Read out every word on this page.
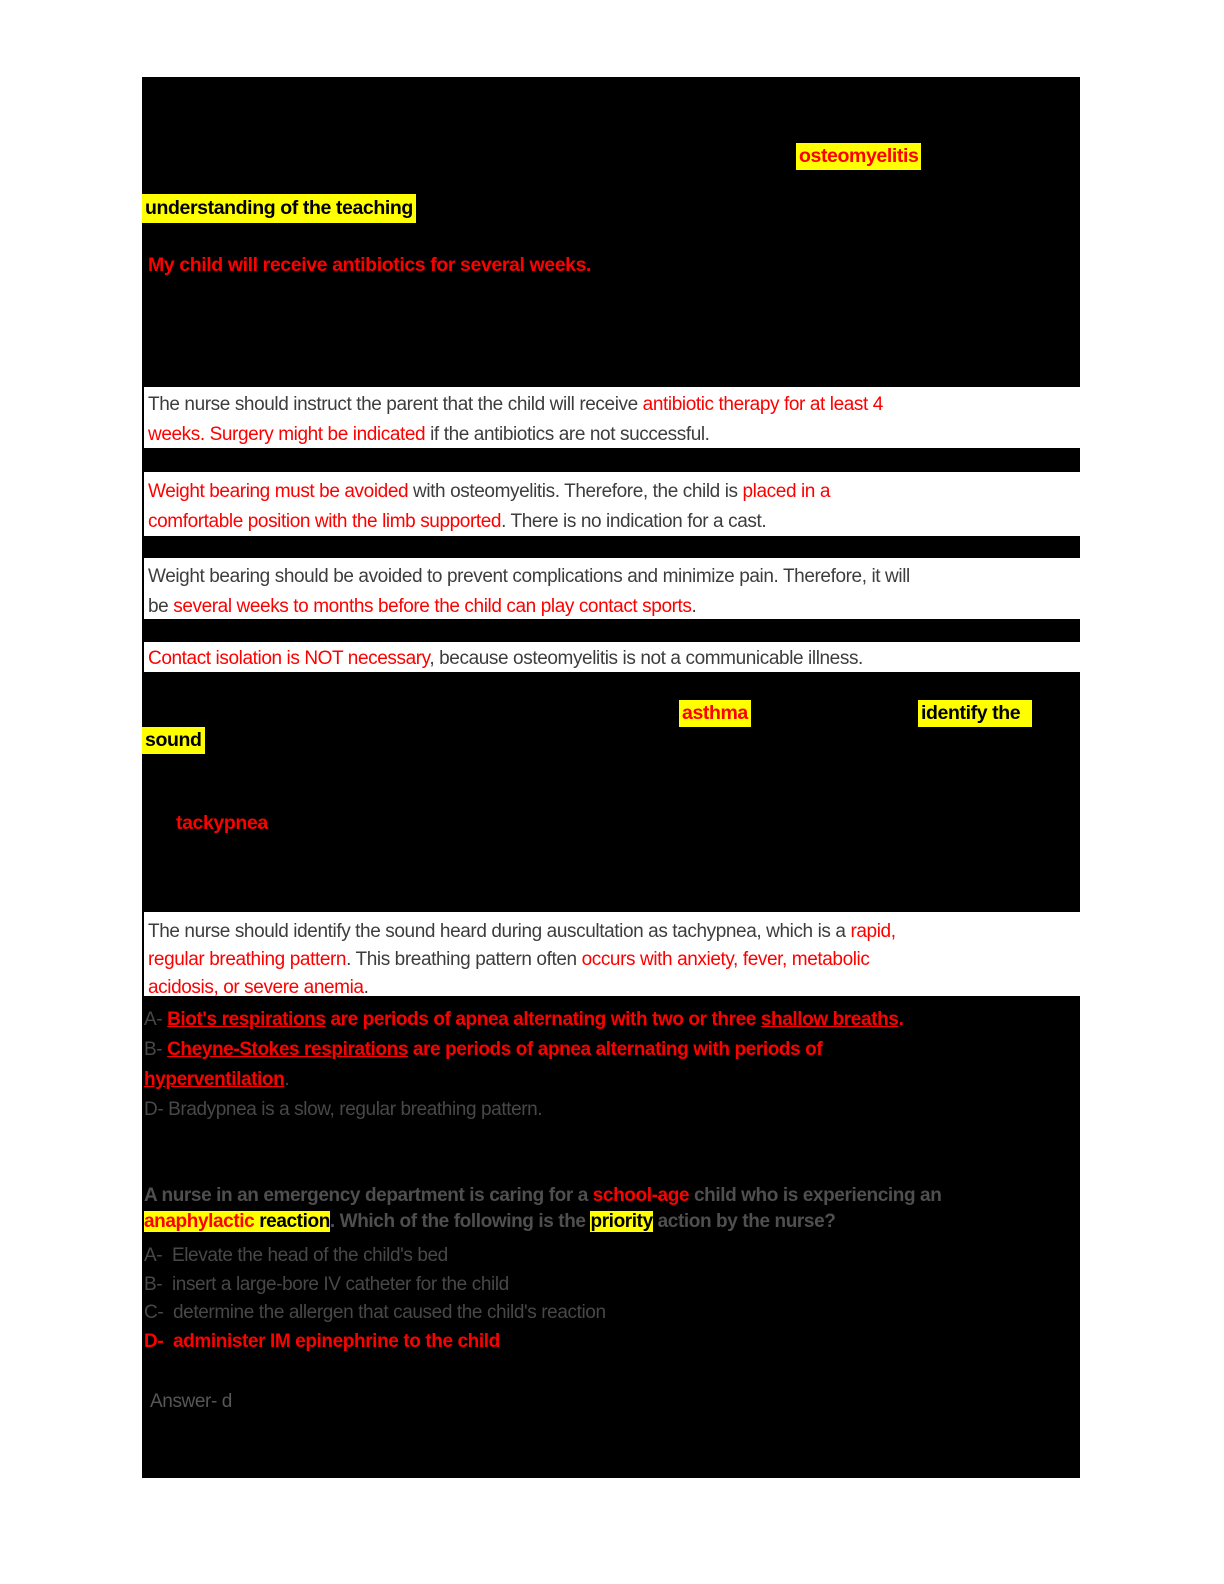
osteomyelitis
understanding of the teaching
My child will receive antibiotics for several weeks.
The nurse should instruct the parent that the child will receive antibiotic therapy for at least 4
weeks. Surgery might be indicated if the antibiotics are not successful.
Weight bearing must be avoided with osteomyelitis. Therefore, the child is placed in a
comfortable position with the limb supported. There is no indication for a cast.
Weight bearing should be avoided to prevent complications and minimize pain. Therefore, it will
be several weeks to months before the child can play contact sports.
Contact isolation is NOT necessary, because osteomyelitis is not a communicable illness.
asthma	identify the
sound
tackypnea
The nurse should identify the sound heard during auscultation as tachypnea, which is a rapid,
regular breathing pattern. This breathing pattern often occurs with anxiety, fever, metabolic
acidosis, or severe anemia.
A- Biot's respirations are periods of apnea alternating with two or three shallow breaths.
B- Cheyne-Stokes respirations are periods of apnea alternating with periods of
hyperventilation.
D- Bradypnea is a slow, regular breathing pattern.
A nurse in an emergency department is caring for a school-age child who is experiencing an
anaphylactic reaction. Which of the following is the priority action by the nurse?
A-  Elevate the head of the child's bed
B-  insert a large-bore IV catheter for the child
C-  determine the allergen that caused the child's reaction
D-  administer IM epinephrine to the child
Answer- d
